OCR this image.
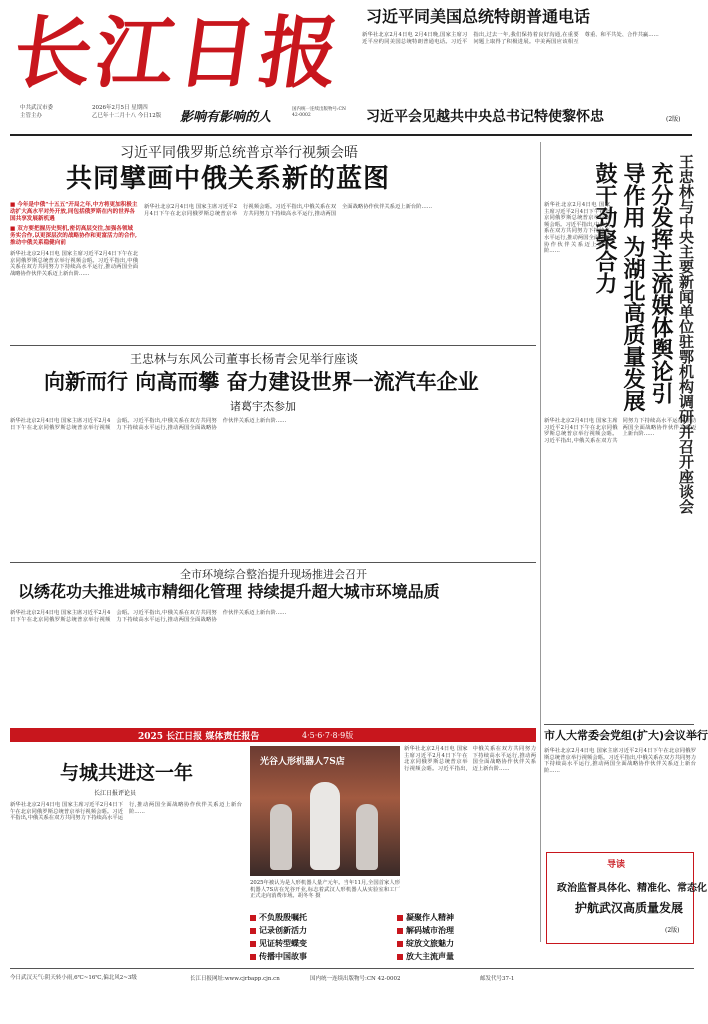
长江日报
中共武汉市委
主管主办
2026年2月5日 星期四
乙巳年十二月十八 今日12版 影响有影响的人
国内统一连续出版物号:CN 42-0002
习近平同美国总统特朗普通电话
新华社北京2月4日电 2月4日晚,国家主席习近平应约同美国总统特朗普通电话。习近平指出,过去一年,我们保持着良好沟通,在重要问题上取得了积极进展。中美两国应该相互尊重、和平共处、合作共赢……
习近平会见越共中央总书记特使黎怀忠	(2版)
习近平同俄罗斯总统普京举行视频会晤
共同擘画中俄关系新的蓝图
■ 今年是中俄“十五五”开局之年,中方将更加积极主动扩大高水平对外开放,同包括俄罗斯在内的世界各国共享发展新机遇
■ 双方要把握历史契机,密切高层交往,加强各领域务实合作,以更深层次的战略协作和更富活力的合作,推动中俄关系稳健向前
新华社北京2月4日电 国家主席习近平2月4日下午在北京同俄罗斯总统普京举行视频会晤。习近平指出,中俄关系在双方共同努力下持续高水平运行,推动两国全面战略协作伙伴关系迈上新台阶……
新华社北京2月4日电 国家主席习近平2月4日下午在北京同俄罗斯总统普京举行视频会晤。习近平指出,中俄关系在双方共同努力下持续高水平运行,推动两国全面战略协作伙伴关系迈上新台阶……
王忠林与东风公司董事长杨青会见举行座谈
向新而行 向高而攀 奋力建设世界一流汽车企业
诸葛宇杰参加
新华社北京2月4日电 国家主席习近平2月4日下午在北京同俄罗斯总统普京举行视频会晤。习近平指出,中俄关系在双方共同努力下持续高水平运行,推动两国全面战略协作伙伴关系迈上新台阶……
全市环境综合整治提升现场推进会召开
以绣花功夫推进城市精细化管理 持续提升超大城市环境品质
新华社北京2月4日电 国家主席习近平2月4日下午在北京同俄罗斯总统普京举行视频会晤。习近平指出,中俄关系在双方共同努力下持续高水平运行,推动两国全面战略协作伙伴关系迈上新台阶……
王忠林与中央主要新闻单位驻鄂机构调研并召开座谈会
充分发挥主流媒体舆论引导作用 为湖北高质量发展鼓干劲聚合力
新华社北京2月4日电 国家主席习近平2月4日下午在北京同俄罗斯总统普京举行视频会晤。习近平指出,中俄关系在双方共同努力下持续高水平运行,推动两国全面战略协作伙伴关系迈上新台阶……
新华社北京2月4日电 国家主席习近平2月4日下午在北京同俄罗斯总统普京举行视频会晤。习近平指出,中俄关系在双方共同努力下持续高水平运行,推动两国全面战略协作伙伴关系迈上新台阶……
市人大常委会党组(扩大)会议举行
新华社北京2月4日电 国家主席习近平2月4日下午在北京同俄罗斯总统普京举行视频会晤。习近平指出,中俄关系在双方共同努力下持续高水平运行,推动两国全面战略协作伙伴关系迈上新台阶……
导读
政治监督具体化、精准化、常态化
护航武汉高质量发展
(2版)
2025 长江日报 媒体责任报告	4·5·6·7·8·9版
与城共进这一年
长江日报评论员
新华社北京2月4日电 国家主席习近平2月4日下午在北京同俄罗斯总统普京举行视频会晤。习近平指出,中俄关系在双方共同努力下持续高水平运行,推动两国全面战略协作伙伴关系迈上新台阶……
光谷人形机器人7S店
2025年被认为是人形机器人量产元年。当年11月,全国首家人形机器人7S店在光谷开业,标志着武汉人形机器人从实验室和工厂正式走向消费市场。胡冬冬 摄
不负殷殷嘱托	凝聚作人精神
记录创新活力	解码城市治理
见证转型蝶变	绽放文旅魅力
传播中国故事	放大主流声量
新华社北京2月4日电 国家主席习近平2月4日下午在北京同俄罗斯总统普京举行视频会晤。习近平指出,中俄关系在双方共同努力下持续高水平运行,推动两国全面战略协作伙伴关系迈上新台阶……
今日武汉天气:阴天转小雨,6℃~16℃,偏北风2~3级	国内统一连续出版物号:CN 42-0002	邮发代号37-1
长江日报网址:www.cjrbapp.cjn.cn
